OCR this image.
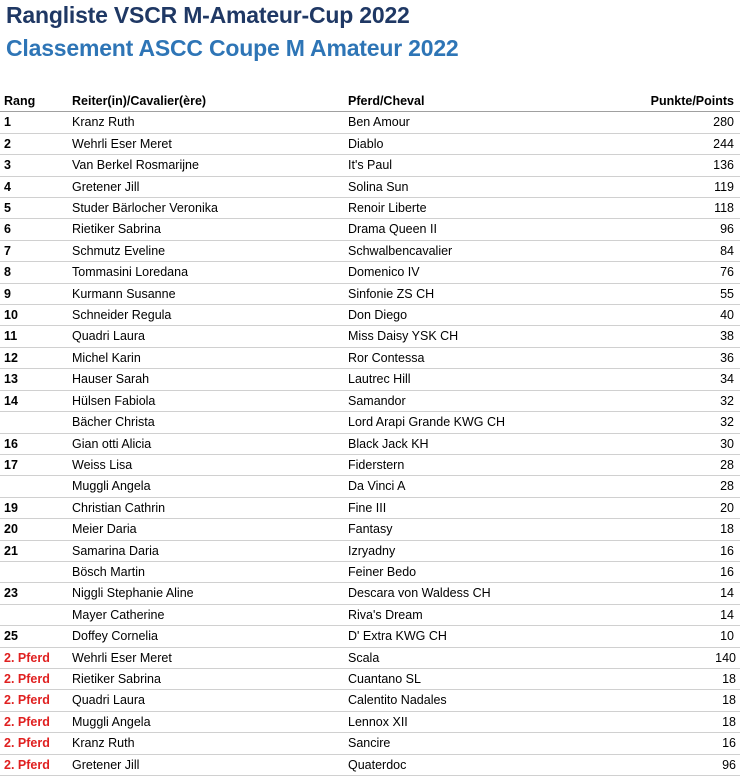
Rangliste VSCR M-Amateur-Cup 2022
Classement ASCC Coupe M Amateur 2022
Rang	Reiter(in)/Cavalier(ère)	Pferd/Cheval	Punkte/Points
1	Kranz Ruth	Ben Amour	280
2	Wehrli Eser Meret	Diablo	244
3	Van Berkel Rosmarijne	It's Paul	136
4	Gretener Jill	Solina Sun	119
5	Studer Bärlocher Veronika	Renoir Liberte	118
6	Rietiker Sabrina	Drama Queen II	96
7	Schmutz Eveline	Schwalbencavalier	84
8	Tommasini Loredana	Domenico IV	76
9	Kurmann Susanne	Sinfonie ZS CH	55
10	Schneider Regula	Don Diego	40
11	Quadri Laura	Miss Daisy YSK CH	38
12	Michel Karin	Ror Contessa	36
13	Hauser Sarah	Lautrec Hill	34
14	Hülsen Fabiola	Samandor	32
	Bächer Christa	Lord Arapi Grande KWG CH	32
16	Gian otti Alicia	Black Jack KH	30
17	Weiss Lisa	Fiderstern	28
	Muggli Angela	Da Vinci A	28
19	Christian Cathrin	Fine III	20
20	Meier Daria	Fantasy	18
21	Samarina Daria	Izryadny	16
	Bösch Martin	Feiner Bedo	16
23	Niggli Stephanie Aline	Descara von Waldess CH	14
	Mayer Catherine	Riva's Dream	14
25	Doffey Cornelia	D' Extra KWG CH	10
2. Pferd	Wehrli Eser Meret	Scala	140
2. Pferd	Rietiker Sabrina	Cuantano SL	18
2. Pferd	Quadri Laura	Calentito Nadales	18
2. Pferd	Muggli Angela	Lennox XII	18
2. Pferd	Kranz Ruth	Sancire	16
2. Pferd	Gretener Jill	Quaterdoc	96
